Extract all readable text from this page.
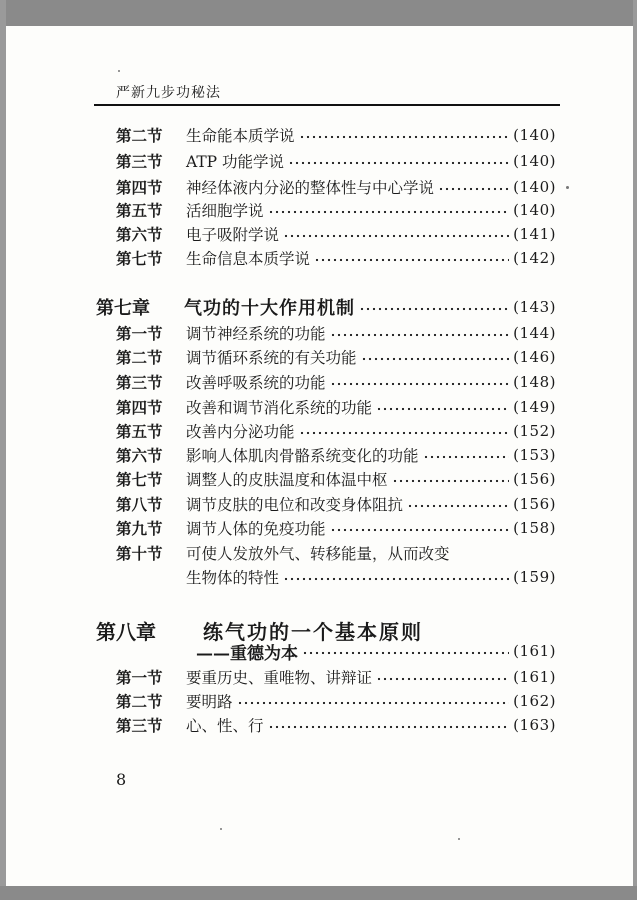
严新九步功秘法
第二节	生命能本质学说	(140)
第三节	ATP 功能学说	(140)
第四节	神经体液内分泌的整体性与中心学说	(140)
第五节	活细胞学说	(140)
第六节	电子吸附学说	(141)
第七节	生命信息本质学说	(142)
第七章	气功的十大作用机制	(143)
第一节	调节神经系统的功能	(144)
第二节	调节循环系统的有关功能	(146)
第三节	改善呼吸系统的功能	(148)
第四节	改善和调节消化系统的功能	(149)
第五节	改善内分泌功能	(152)
第六节	影响人体肌肉骨骼系统变化的功能	(153)
第七节	调整人的皮肤温度和体温中枢	(156)
第八节	调节皮肤的电位和改变身体阻抗	(156)
第九节	调节人体的免疫功能	(158)
第十节	可使人发放外气、转移能量，从而改变
生物体的特性	(159)
第八章 练气功的一个基本原则
——重德为本	(161)
第一节	要重历史、重唯物、讲辩证	(161)
第二节	要明路	(162)
第三节	心、性、行	(163)
8
